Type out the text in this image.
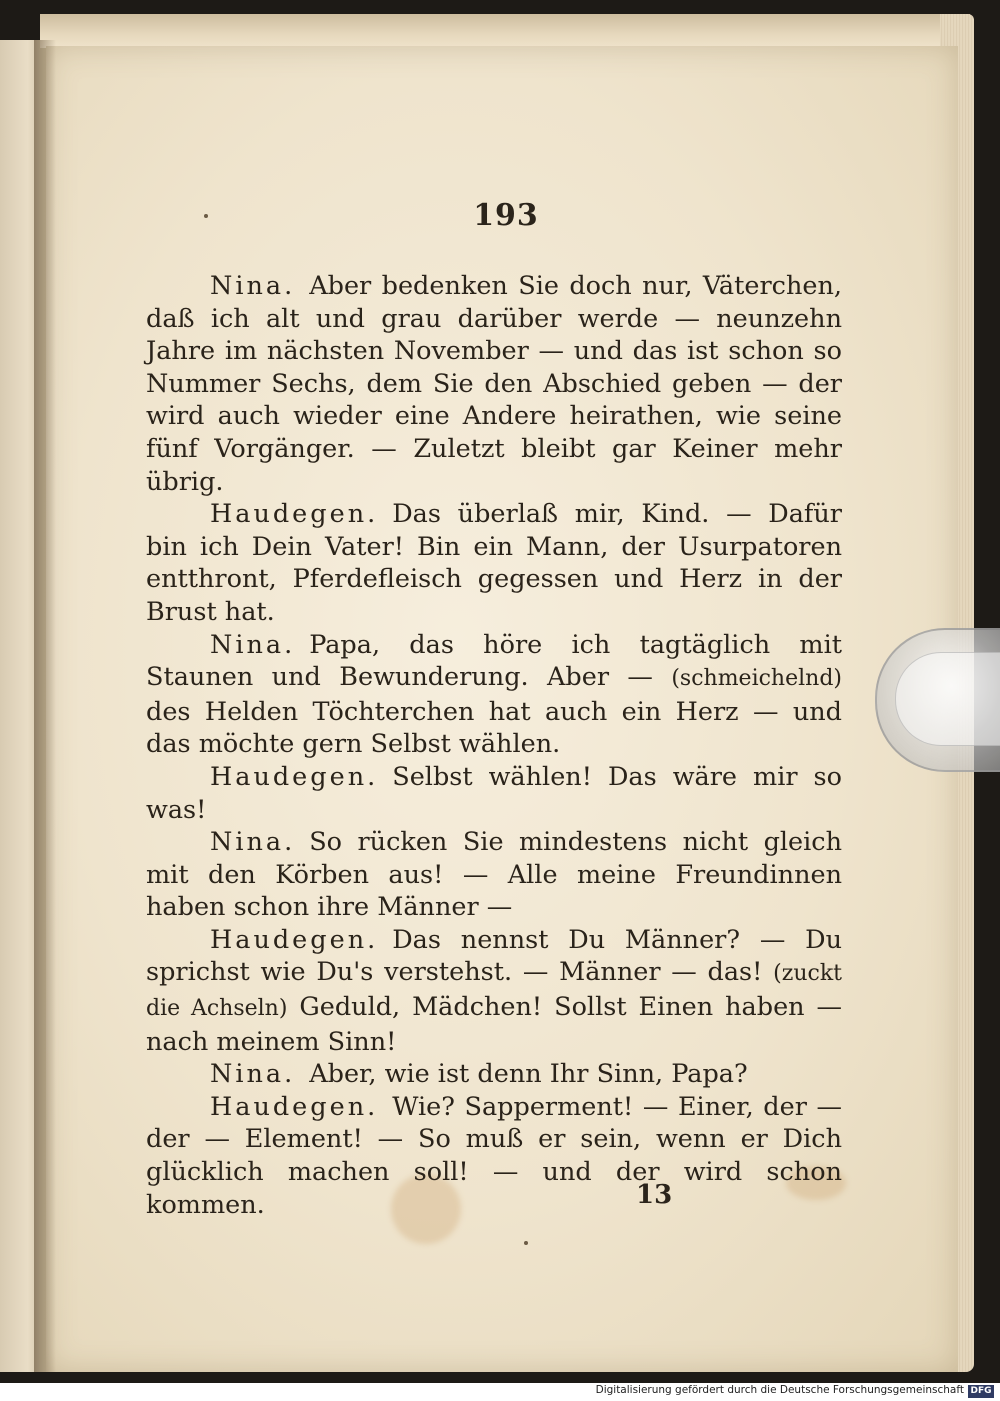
193

Nina. Aber bedenken Sie doch nur, Väterchen, daß ich alt und grau darüber werde — neunzehn Jahre im nächsten November — und das ist schon so Nummer Sechs, dem Sie den Abschied geben — der wird auch wieder eine Andere heirathen, wie seine fünf Vorgänger. — Zuletzt bleibt gar Keiner mehr übrig.

Haudegen. Das überlaß mir, Kind. — Dafür bin ich Dein Vater! Bin ein Mann, der Usurpatoren entthront, Pferdefleisch gegessen und Herz in der Brust hat.

Nina. Papa, das höre ich tagtäglich mit Staunen und Bewunderung. Aber — (schmeichelnd) des Helden Töchterchen hat auch ein Herz — und das möchte gern Selbst wählen.

Haudegen. Selbst wählen! Das wäre mir so was!

Nina. So rücken Sie mindestens nicht gleich mit den Körben aus! — Alle meine Freundinnen haben schon ihre Männer —

Haudegen. Das nennst Du Männer? — Du sprichst wie Du's verstehst. — Männer — das! (zuckt die Achseln) Geduld, Mädchen! Sollst Einen haben — nach meinem Sinn!

Nina. Aber, wie ist denn Ihr Sinn, Papa?

Haudegen. Wie? Sapperment! — Einer, der — der — Element! — So muß er sein, wenn er Dich glücklich machen soll! — und der wird schon kommen.	13
Digitalisierung gefördert durch die Deutsche Forschungsgemeinschaft DFG
